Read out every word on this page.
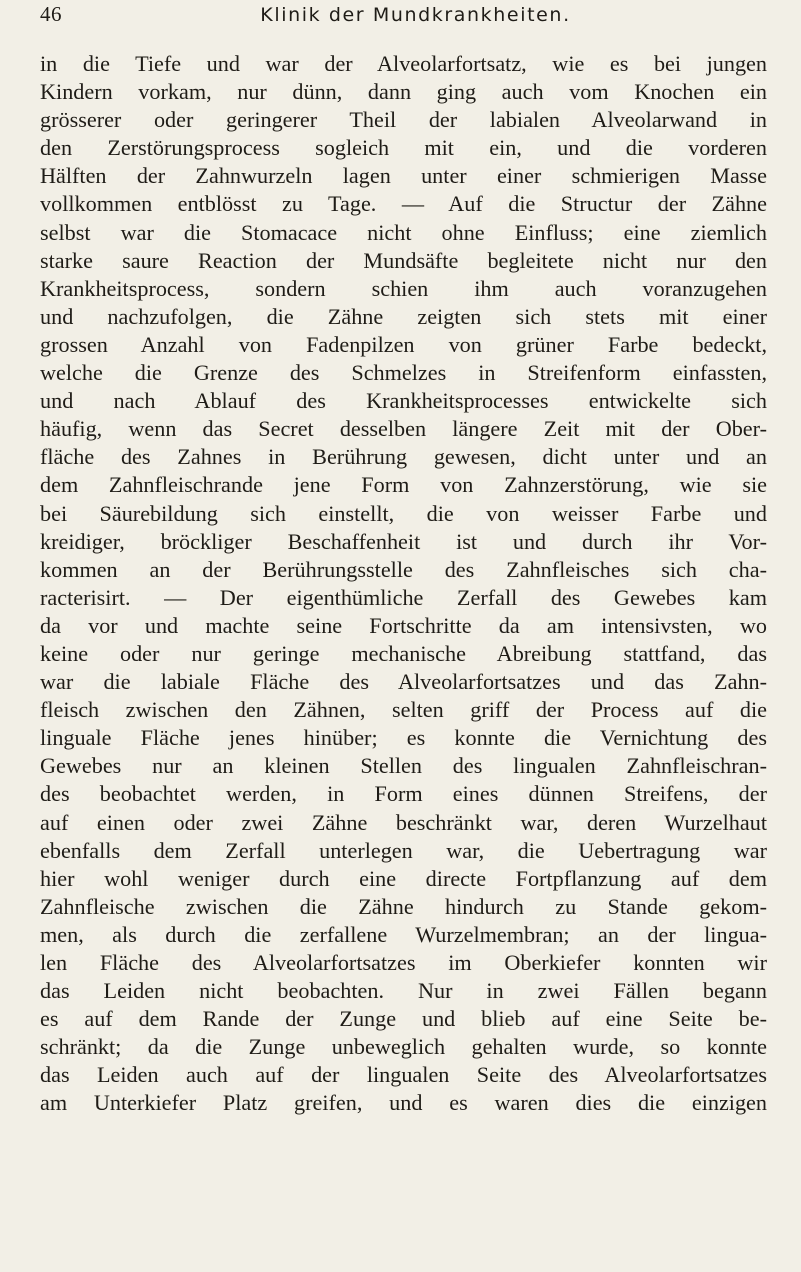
46	Klinik der Mundkrankheiten.
in die Tiefe und war der Alveolarfortsatz, wie es bei jungen
Kindern vorkam, nur dünn, dann ging auch vom Knochen ein
grösserer oder geringerer Theil der labialen Alveolarwand in
den Zerstörungsprocess sogleich mit ein, und die vorderen
Hälften der Zahnwurzeln lagen unter einer schmierigen Masse
vollkommen entblösst zu Tage. — Auf die Structur der Zähne
selbst war die Stomacace nicht ohne Einfluss; eine ziemlich
starke saure Reaction der Mundsäfte begleitete nicht nur den
Krankheitsprocess, sondern schien ihm auch voranzugehen
und nachzufolgen, die Zähne zeigten sich stets mit einer
grossen Anzahl von Fadenpilzen von grüner Farbe bedeckt,
welche die Grenze des Schmelzes in Streifenform einfassten,
und nach Ablauf des Krankheitsprocesses entwickelte sich
häufig, wenn das Secret desselben längere Zeit mit der Ober-
fläche des Zahnes in Berührung gewesen, dicht unter und an
dem Zahnfleischrande jene Form von Zahnzerstörung, wie sie
bei Säurebildung sich einstellt, die von weisser Farbe und
kreidiger, bröckliger Beschaffenheit ist und durch ihr Vor-
kommen an der Berührungsstelle des Zahnfleisches sich cha-
racterisirt. — Der eigenthümliche Zerfall des Gewebes kam
da vor und machte seine Fortschritte da am intensivsten, wo
keine oder nur geringe mechanische Abreibung stattfand, das
war die labiale Fläche des Alveolarfortsatzes und das Zahn-
fleisch zwischen den Zähnen, selten griff der Process auf die
linguale Fläche jenes hinüber; es konnte die Vernichtung des
Gewebes nur an kleinen Stellen des lingualen Zahnfleischran-
des beobachtet werden, in Form eines dünnen Streifens, der
auf einen oder zwei Zähne beschränkt war, deren Wurzelhaut
ebenfalls dem Zerfall unterlegen war, die Uebertragung war
hier wohl weniger durch eine directe Fortpflanzung auf dem
Zahnfleische zwischen die Zähne hindurch zu Stande gekom-
men, als durch die zerfallene Wurzelmembran; an der lingua-
len Fläche des Alveolarfortsatzes im Oberkiefer konnten wir
das Leiden nicht beobachten. Nur in zwei Fällen begann
es auf dem Rande der Zunge und blieb auf eine Seite be-
schränkt; da die Zunge unbeweglich gehalten wurde, so konnte
das Leiden auch auf der lingualen Seite des Alveolarfortsatzes
am Unterkiefer Platz greifen, und es waren dies die einzigen
